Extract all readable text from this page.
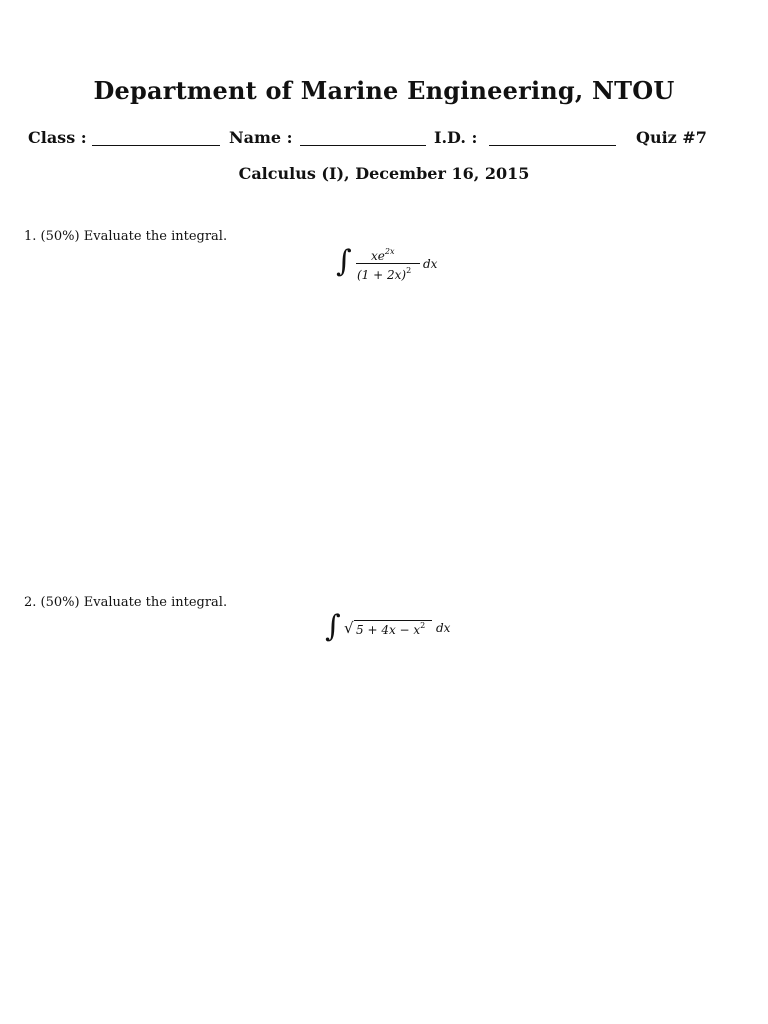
Department of Marine Engineering, NTOU
Class :	Name :	I.D. :	Quiz #7
Calculus (I), December 16, 2015
1. (50%) Evaluate the integral.
∫ $xe^{2x}$
$(1 + 2x)^2$ dx
2. (50%) Evaluate the integral.
∫ √ $5 + 4x - x^2$ dx
